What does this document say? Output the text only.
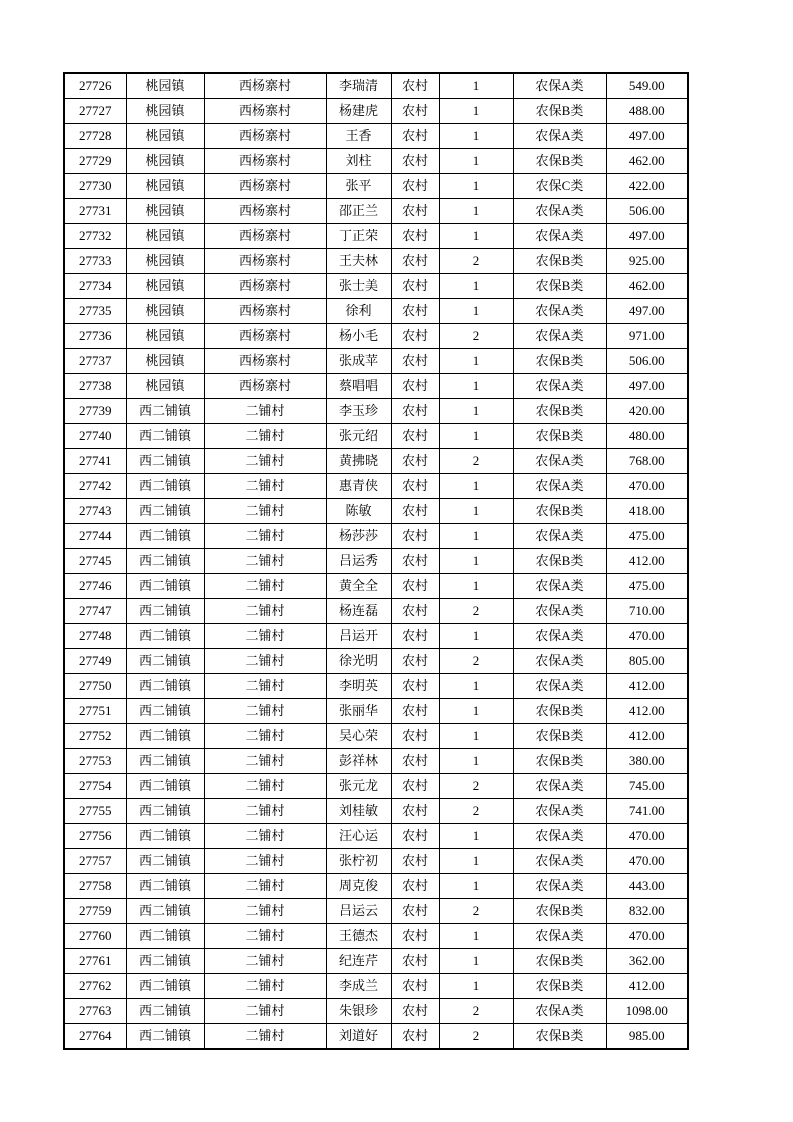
27726	桃园镇	西杨寨村	李瑞清	农村	1	农保A类	549.00
27727	桃园镇	西杨寨村	杨建虎	农村	1	农保B类	488.00
27728	桃园镇	西杨寨村	王香	农村	1	农保A类	497.00
27729	桃园镇	西杨寨村	刘柱	农村	1	农保B类	462.00
27730	桃园镇	西杨寨村	张平	农村	1	农保C类	422.00
27731	桃园镇	西杨寨村	邵正兰	农村	1	农保A类	506.00
27732	桃园镇	西杨寨村	丁正荣	农村	1	农保A类	497.00
27733	桃园镇	西杨寨村	王夫林	农村	2	农保B类	925.00
27734	桃园镇	西杨寨村	张士美	农村	1	农保B类	462.00
27735	桃园镇	西杨寨村	徐利	农村	1	农保A类	497.00
27736	桃园镇	西杨寨村	杨小毛	农村	2	农保A类	971.00
27737	桃园镇	西杨寨村	张成苹	农村	1	农保B类	506.00
27738	桃园镇	西杨寨村	蔡唱唱	农村	1	农保A类	497.00
27739	西二铺镇	二铺村	李玉珍	农村	1	农保B类	420.00
27740	西二铺镇	二铺村	张元绍	农村	1	农保B类	480.00
27741	西二铺镇	二铺村	黄拂晓	农村	2	农保A类	768.00
27742	西二铺镇	二铺村	惠青侠	农村	1	农保A类	470.00
27743	西二铺镇	二铺村	陈敏	农村	1	农保B类	418.00
27744	西二铺镇	二铺村	杨莎莎	农村	1	农保A类	475.00
27745	西二铺镇	二铺村	吕运秀	农村	1	农保B类	412.00
27746	西二铺镇	二铺村	黄全全	农村	1	农保A类	475.00
27747	西二铺镇	二铺村	杨连磊	农村	2	农保A类	710.00
27748	西二铺镇	二铺村	吕运开	农村	1	农保A类	470.00
27749	西二铺镇	二铺村	徐光明	农村	2	农保A类	805.00
27750	西二铺镇	二铺村	李明英	农村	1	农保A类	412.00
27751	西二铺镇	二铺村	张丽华	农村	1	农保B类	412.00
27752	西二铺镇	二铺村	吴心荣	农村	1	农保B类	412.00
27753	西二铺镇	二铺村	彭祥林	农村	1	农保B类	380.00
27754	西二铺镇	二铺村	张元龙	农村	2	农保A类	745.00
27755	西二铺镇	二铺村	刘桂敏	农村	2	农保A类	741.00
27756	西二铺镇	二铺村	汪心运	农村	1	农保A类	470.00
27757	西二铺镇	二铺村	张柠初	农村	1	农保A类	470.00
27758	西二铺镇	二铺村	周克俊	农村	1	农保A类	443.00
27759	西二铺镇	二铺村	吕运云	农村	2	农保B类	832.00
27760	西二铺镇	二铺村	王德杰	农村	1	农保A类	470.00
27761	西二铺镇	二铺村	纪连芹	农村	1	农保B类	362.00
27762	西二铺镇	二铺村	李成兰	农村	1	农保B类	412.00
27763	西二铺镇	二铺村	朱银珍	农村	2	农保A类	1098.00
27764	西二铺镇	二铺村	刘道好	农村	2	农保B类	985.00
